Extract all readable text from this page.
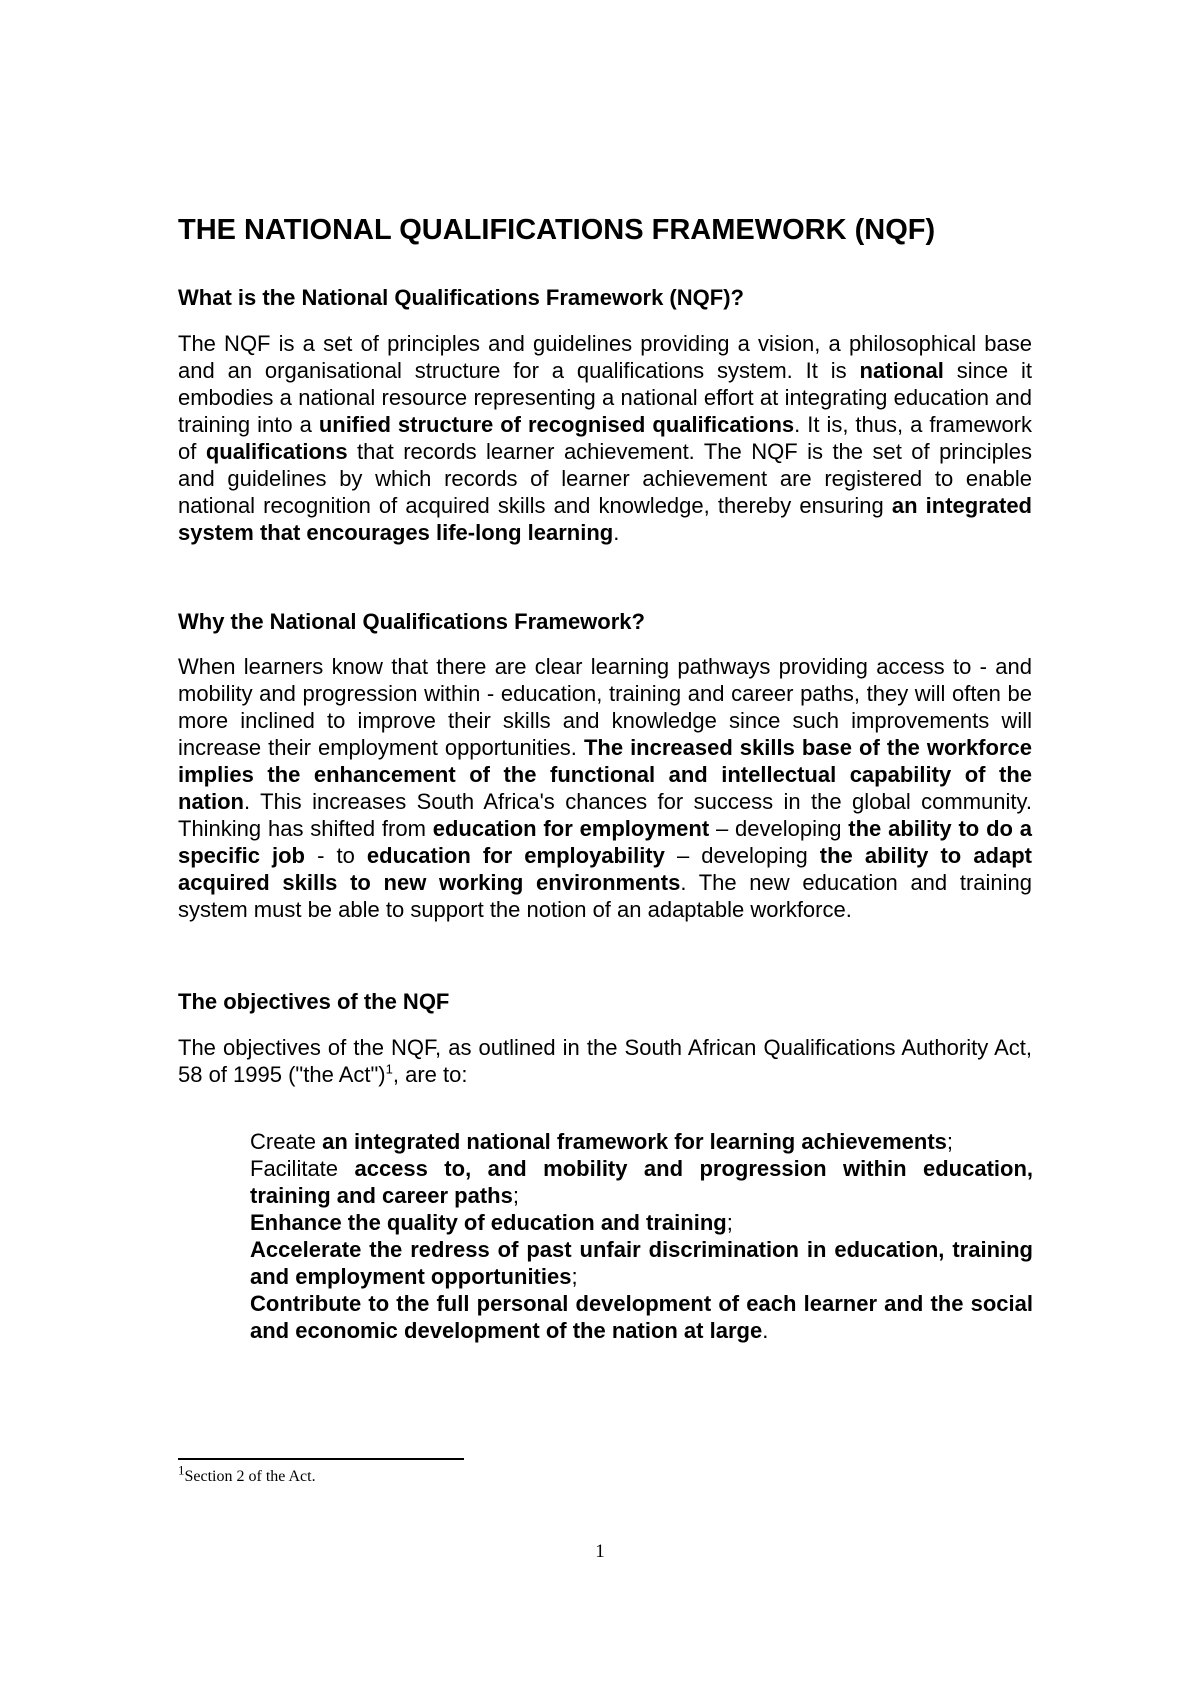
THE NATIONAL QUALIFICATIONS FRAMEWORK (NQF)
What is the National Qualifications Framework (NQF)?

The NQF is a set of principles and guidelines providing a vision, a philosophical base and an organisational structure for a qualifications system. It is national since it embodies a national resource representing a national effort at integrating education and training into a unified structure of recognised qualifications. It is, thus, a framework of qualifications that records learner achievement. The NQF is the set of principles and guidelines by which records of learner achievement are registered to enable national recognition of acquired skills and knowledge, thereby ensuring an integrated system that encourages life-long learning.

Why the National Qualifications Framework?

When learners know that there are clear learning pathways providing access to - and mobility and progression within - education, training and career paths, they will often be more inclined to improve their skills and knowledge since such improvements will increase their employment opportunities. The increased skills base of the workforce implies the enhancement of the functional and intellectual capability of the nation. This increases South Africa's chances for success in the global community. Thinking has shifted from education for employment – developing the ability to do a specific job - to education for employability – developing the ability to adapt acquired skills to new working environments. The new education and training system must be able to support the notion of an adaptable workforce.

The objectives of the NQF

The objectives of the NQF, as outlined in the South African Qualifications Authority Act, 58 of 1995 ("the Act")$^1$, are to:

Create an integrated national framework for learning achievements;
Facilitate access to, and mobility and progression within education, training and career paths;
Enhance the quality of education and training;
Accelerate the redress of past unfair discrimination in education, training and employment opportunities;
Contribute to the full personal development of each learner and the social and economic development of the nation at large.

$^1$Section 2 of the Act.

1
